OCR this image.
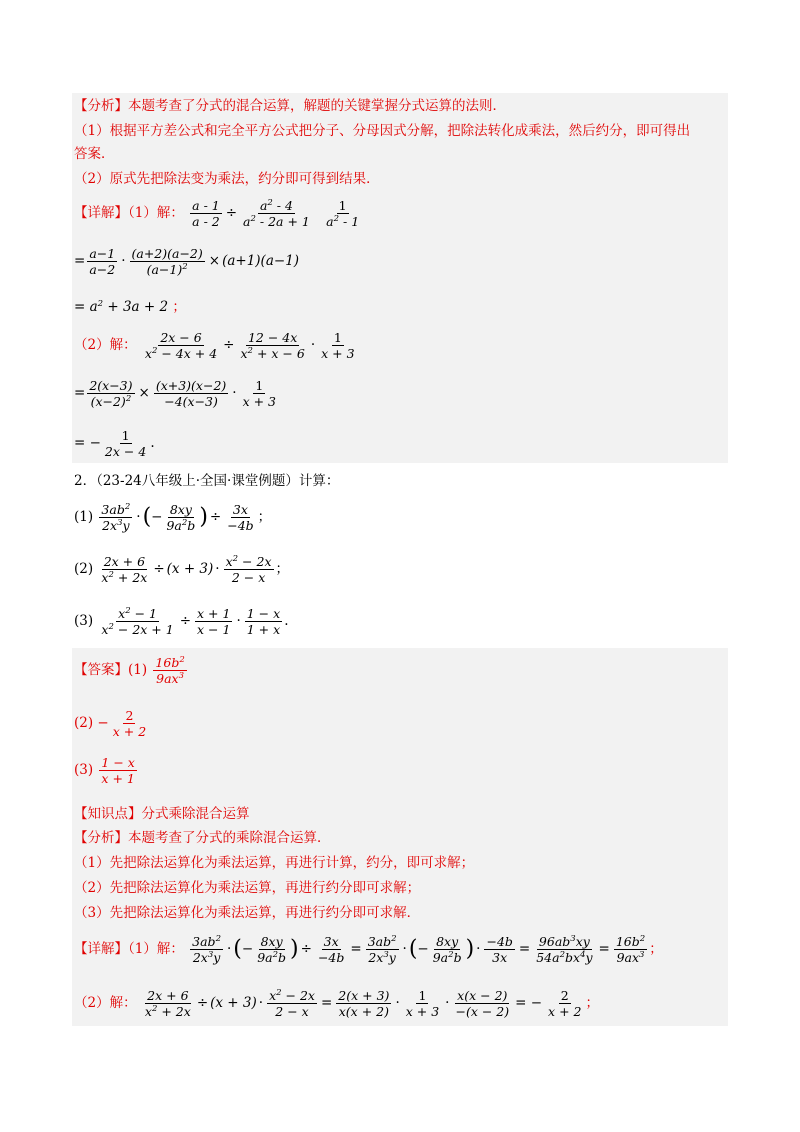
【分析】本题考查了分式的混合运算，解题的关键掌握分式运算的法则．
（1）根据平方差公式和完全平方公式把分子、分母因式分解，把除法转化成乘法，然后约分，即可得出
答案．
（2）原式先把除法变为乘法，约分即可得到结果．
【详解】（1）解： $\frac{a - 1}{a - 2} \div \frac{a^2 - 4}{a^2 - 2a + 1}$
$\frac{1}{a^2 - 1}$
= $\frac{a-1}{a-2} \cdot \frac{(a+2)(a-2)}{(a-1)^2} \times (a+1)(a-1)$
= $a^2 + 3a + 2$ ；
（2）解： $\frac{2x - 6}{x^2 - 4x + 4} \div \frac{12 - 4x}{x^2 + x - 6} \cdot \frac{1}{x + 3}$
= $\frac{2(x-3)}{(x-2)^2} \times \frac{(x+3)(x-2)}{-4(x-3)} \cdot \frac{1}{x + 3}$
= − $\frac{1}{2x - 4}$ .
2．（23-24八年级上·全国·课堂例题）计算：
$(1) \frac{3ab^2}{2x^3y}$ ·(− $\frac{8xy}{9a^2b}$ ) ÷ $\frac{3x}{-4b}$ ；
$(2) \frac{2x + 6}{x^2 + 2x} \div (x + 3) \cdot \frac{x^2 - 2x}{2 - x}$ ；
$(3) \frac{x^2 - 1}{x^2 - 2x + 1} \div \frac{x + 1}{x - 1} \cdot \frac{1 - x}{1 + x}$ .
【答案】$(1) \frac{16b^2}{9ax^3}$
$(2) - \frac{2}{x + 2}$
$(3) \frac{1 - x}{x + 1}$
【知识点】分式乘除混合运算
【分析】本题考查了分式的乘除混合运算．
（1）先把除法运算化为乘法运算，再进行计算，约分，即可求解；
（2）先把除法运算化为乘法运算，再进行约分即可求解；
（3）先把除法运算化为乘法运算，再进行约分即可求解．
【详解】（1）解： $\frac{3ab^2}{2x^3y}$ ·(− $\frac{8xy}{9a^2b}$ ) ÷ $\frac{3x}{-4b} = \frac{3ab^2}{2x^3y}$ ·(− $\frac{8xy}{9a^2b}$ ) · $\frac{-4b}{3x} = \frac{96ab^3xy}{54a^2bx^4y} = \frac{16b^2}{9ax^3}$ ；
（2）解： $\frac{2x + 6}{x^2 + 2x} \div (x + 3) \cdot \frac{x^2 - 2x}{2 - x} = \frac{2(x + 3)}{x(x + 2)} \cdot \frac{1}{x + 3} \cdot \frac{x(x - 2)}{-(x - 2)}$ = − $\frac{2}{x + 2}$ ；
